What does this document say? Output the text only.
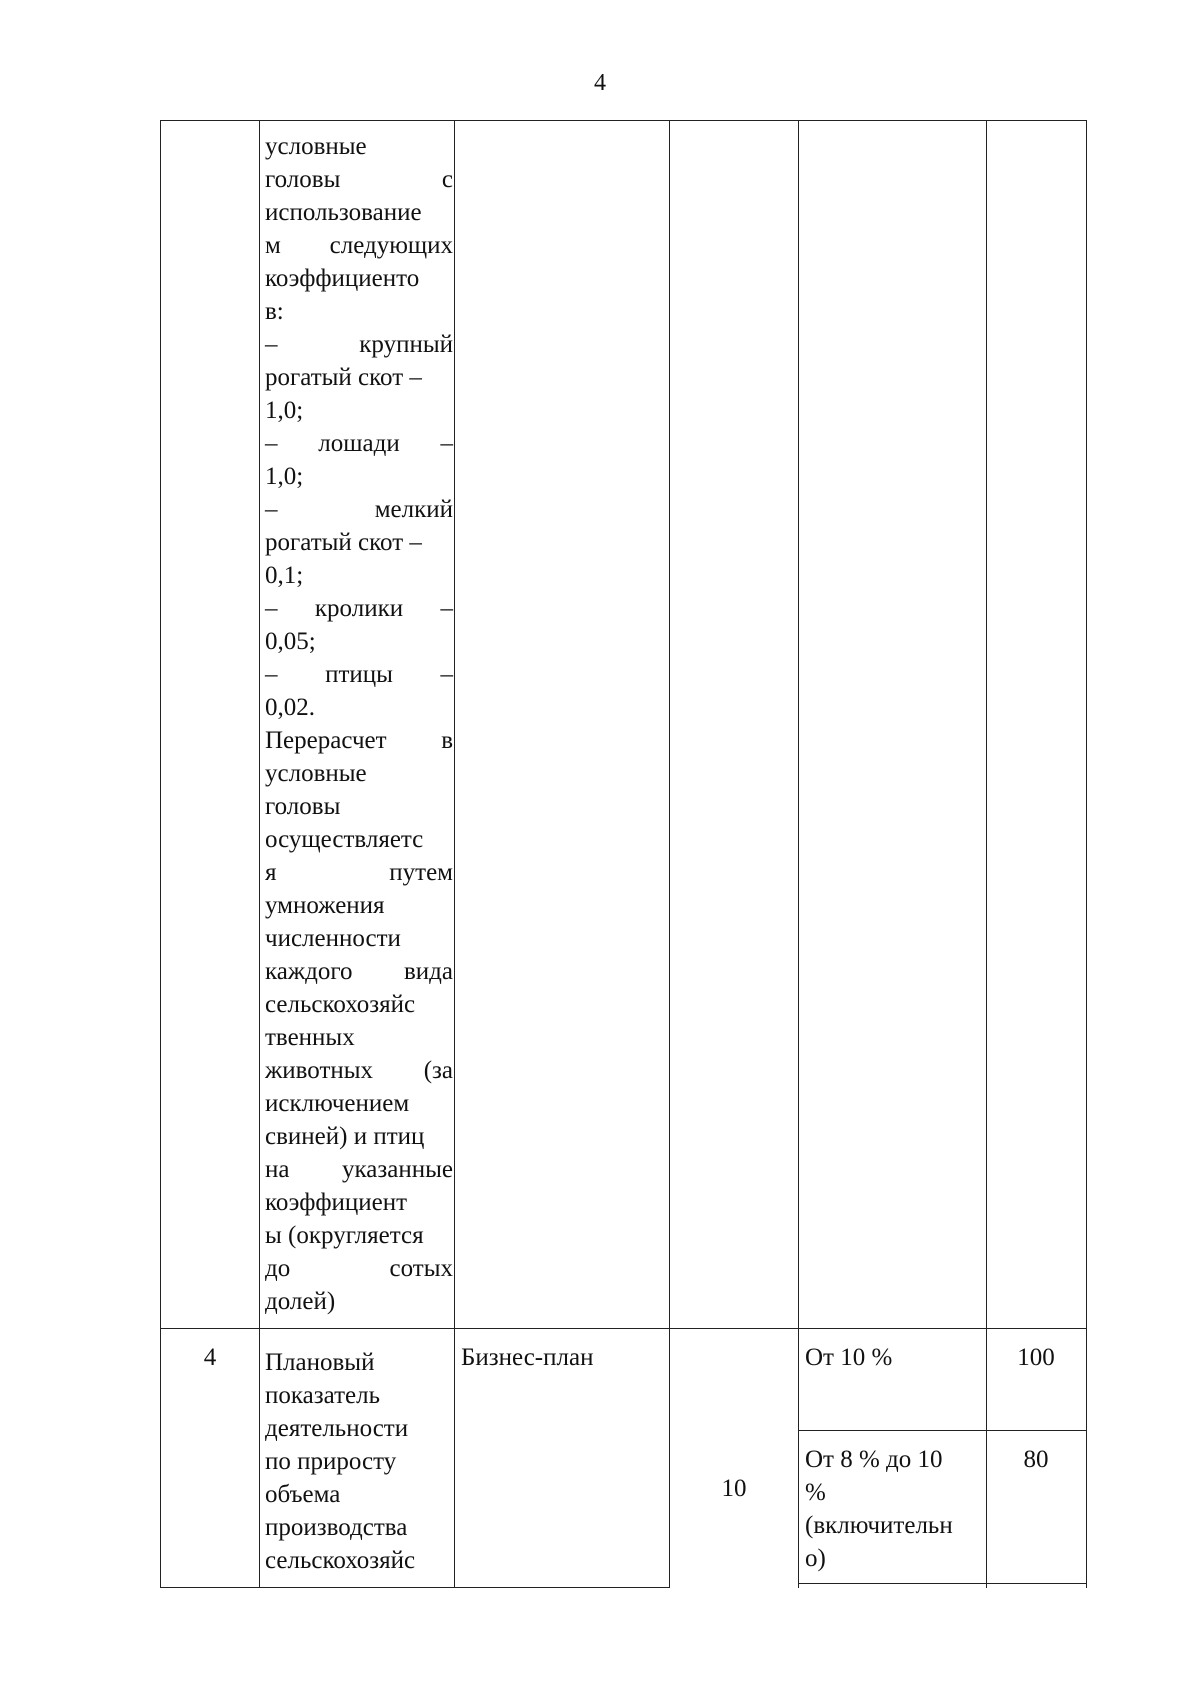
4
условные
головы с
использование
м следующих
коэффициенто
в:
– крупный
рогатый скот –
1,0;
– лошади –
1,0;
– мелкий
рогатый скот –
0,1;
– кролики –
0,05;
– птицы –
0,02.
Перерасчет в
условные
головы
осуществляетс
я путем
умножения
численности
каждого вида
сельскохозяйс
твенных
животных (за
исключением
свиней) и птиц
на указанные
коэффициент
ы (округляется
до сотых
долей)
4	Плановый
показатель
деятельности
по приросту
объема
производства
сельскохозяйс
Бизнес-план
10
От 10 %	100
От 8 % до 10
%
(включительн
о)
80
